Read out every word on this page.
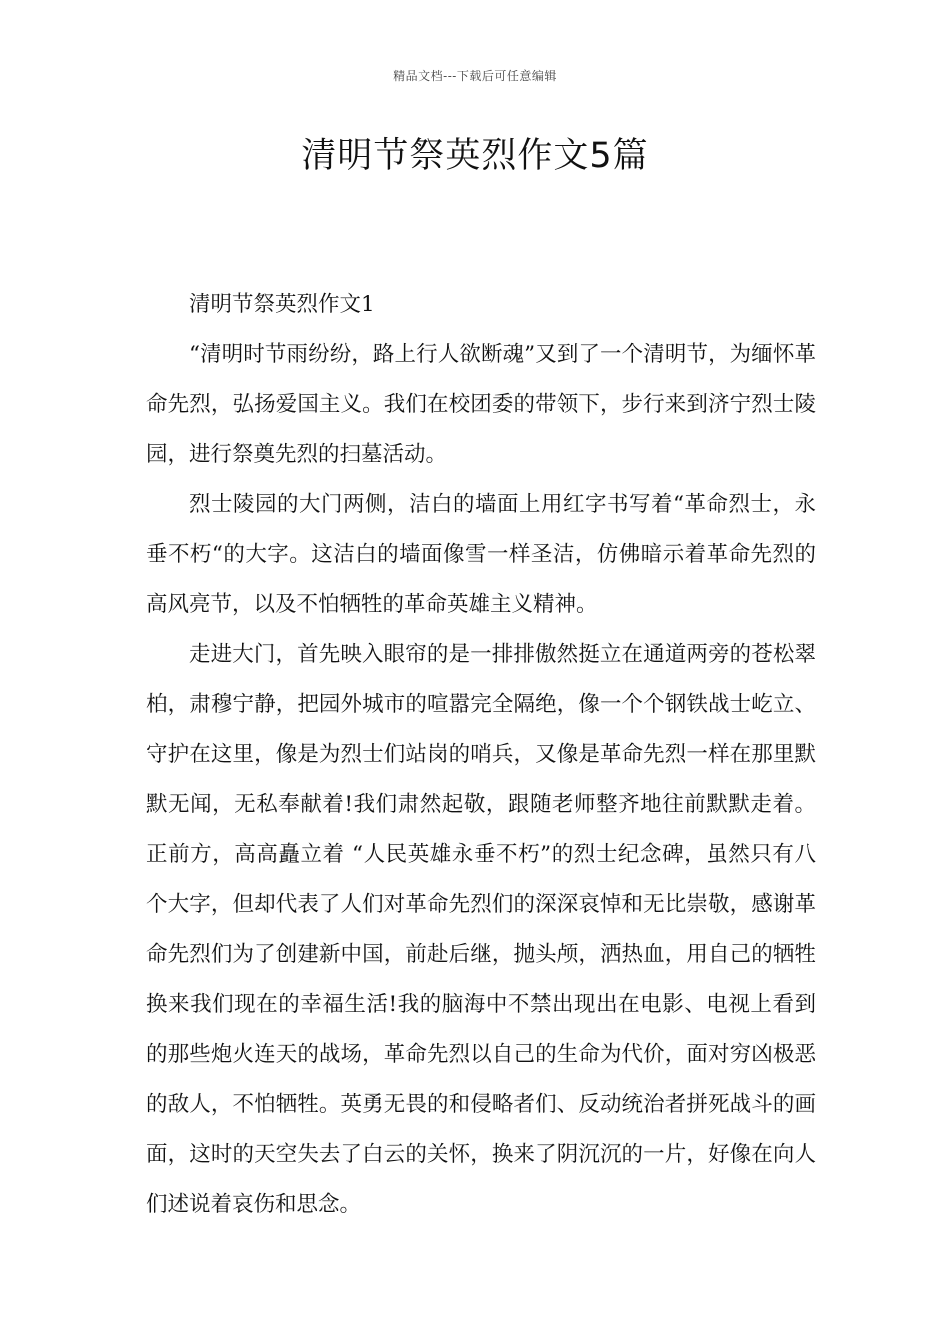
精品文档---下载后可任意编辑
清明节祭英烈作文5篇

清明节祭英烈作文1

“清明时节雨纷纷，路上行人欲断魂”又到了一个清明节，为缅怀革命先烈，弘扬爱国主义。我们在校团委的带领下，步行来到济宁烈士陵园，进行祭奠先烈的扫墓活动。

烈士陵园的大门两侧，洁白的墙面上用红字书写着“革命烈士，永垂不朽“的大字。这洁白的墙面像雪一样圣洁，仿佛暗示着革命先烈的高风亮节，以及不怕牺牲的革命英雄主义精神。

走进大门，首先映入眼帘的是一排排傲然挺立在通道两旁的苍松翠柏，肃穆宁静，把园外城市的喧嚣完全隔绝，像一个个钢铁战士屹立、守护在这里，像是为烈士们站岗的哨兵，又像是革命先烈一样在那里默默无闻，无私奉献着!我们肃然起敬，跟随老师整齐地往前默默走着。正前方，高高矗立着 “人民英雄永垂不朽”的烈士纪念碑，虽然只有八个大字，但却代表了人们对革命先烈们的深深哀悼和无比崇敬，感谢革命先烈们为了创建新中国，前赴后继，抛头颅，洒热血，用自己的牺牲换来我们现在的幸福生活!我的脑海中不禁出现出在电影、电视上看到的那些炮火连天的战场，革命先烈以自己的生命为代价，面对穷凶极恶的敌人，不怕牺牲。英勇无畏的和侵略者们、反动统治者拼死战斗的画面，这时的天空失去了白云的关怀，换来了阴沉沉的一片，好像在向人们述说着哀伤和思念。
